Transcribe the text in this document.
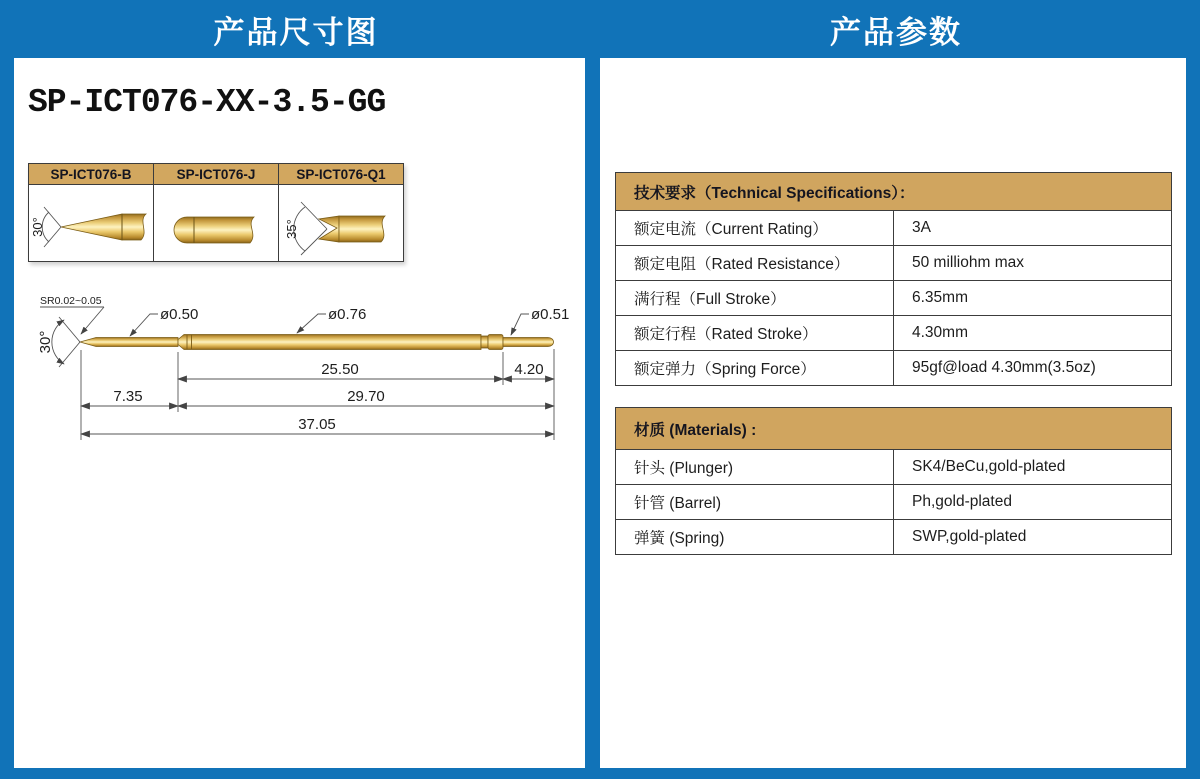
产品尺寸图	产品参数
SP-ICT076-XX-3.5-GG
SP-ICT076-B	SP-ICT076-J	SP-ICT076-Q1

30°		35°
SR0.02~0.05
30°
ø0.50	ø0.76	ø0.51
25.50	4.20
7.35	29.70
37.05
技术要求（Technical Specifications）：	
额定电流（Current Rating）	3A
额定电阻（Rated Resistance）	50 milliohm max
满行程（Full Stroke）	6.35mm
额定行程（Rated Stroke）	4.30mm
额定弹力（Spring Force）	95gf@load 4.30mm(3.5oz)
材质 (Materials) :	
针头 (Plunger)	SK4/BeCu,gold-plated
针管 (Barrel)	Ph,gold-plated
弹簧 (Spring)	SWP,gold-plated
